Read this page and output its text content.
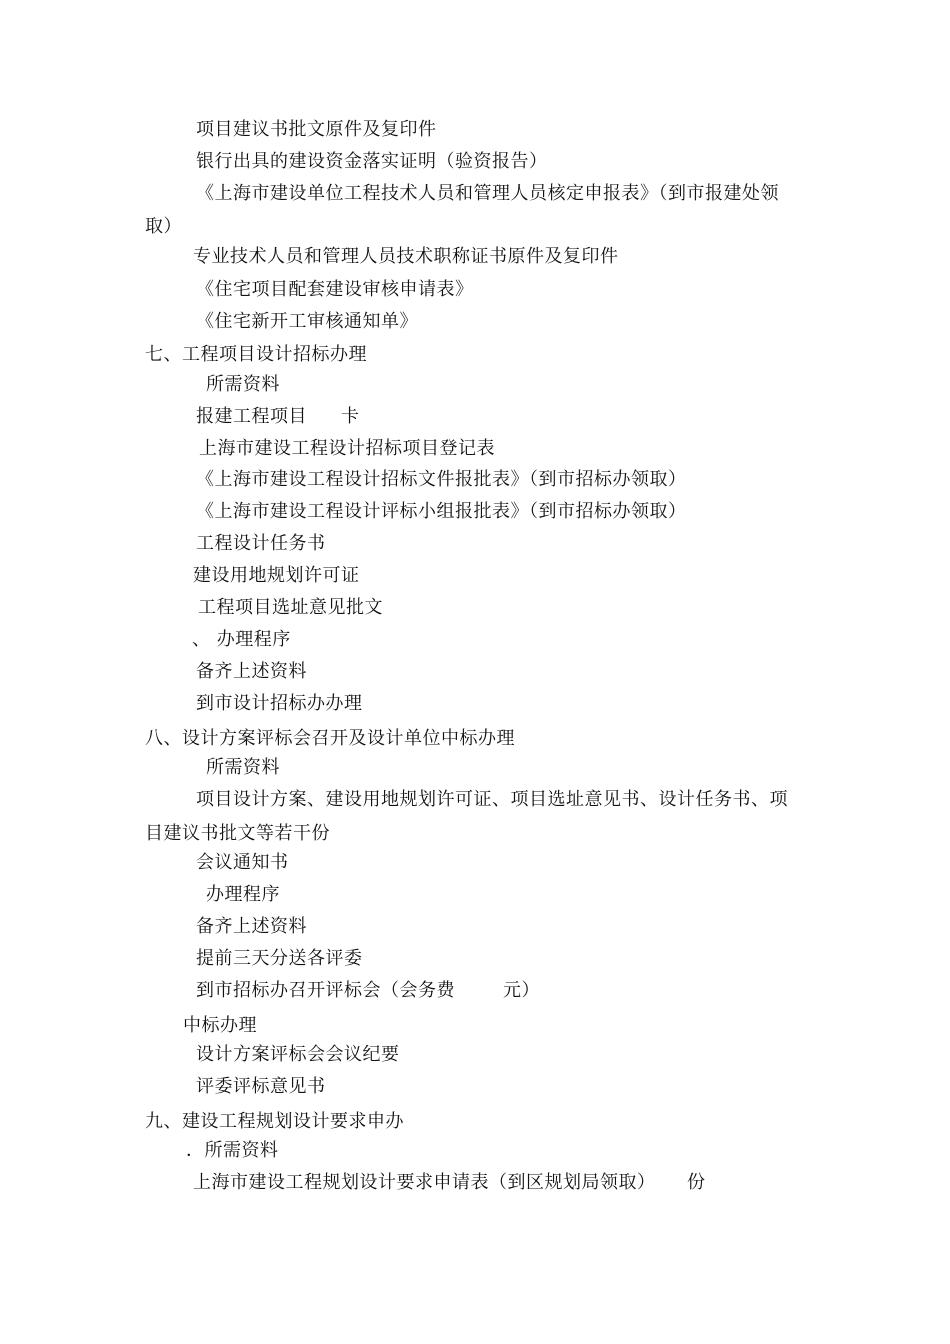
项目建议书批文原件及复印件
银行出具的建设资金落实证明（验资报告）
《上海市建设单位工程技术人员和管理人员核定申报表》（到市报建处领
取）
专业技术人员和管理人员技术职称证书原件及复印件
《住宅项目配套建设审核申请表》
《住宅新开工审核通知单》
七、工程项目设计招标办理
所需资料
报建工程项目 卡
上海市建设工程设计招标项目登记表
《上海市建设工程设计招标文件报批表》（到市招标办领取）
《上海市建设工程设计评标小组报批表》（到市招标办领取）
工程设计任务书
建设用地规划许可证
工程项目选址意见批文
、 办理程序
备齐上述资料
到市设计招标办办理
八、设计方案评标会召开及设计单位中标办理
所需资料
项目设计方案、建设用地规划许可证、项目选址意见书、设计任务书、项
目建议书批文等若干份
会议通知书
办理程序
备齐上述资料
提前三天分送各评委
到市招标办召开评标会（会务费	元）
中标办理
设计方案评标会会议纪要
评委评标意见书
九、建设工程规划设计要求申办
．所需资料
上海市建设工程规划设计要求申请表（到区规划局领取） 份
